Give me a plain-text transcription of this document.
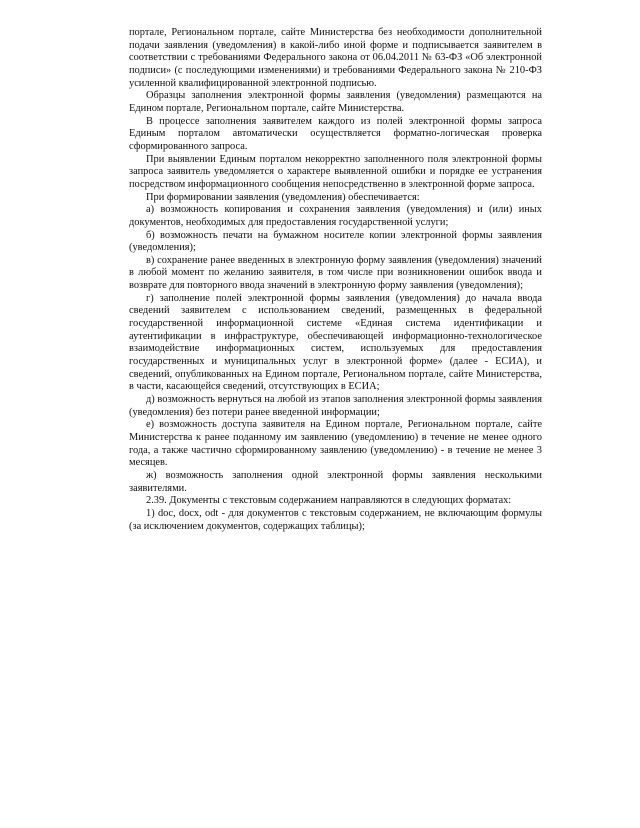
порталe, Региональном портале, сайте Министерства без необходимости дополнительной подачи заявления (уведомления) в какой-либо иной форме и подписывается заявителем в соответствии с требованиями Федерального закона от 06.04.2011 № 63-ФЗ «Об электронной подписи» (с последующими изменениями) и требованиями Федерального закона № 210-ФЗ усиленной квалифицированной электронной подписью.

Образцы заполнения электронной формы заявления (уведомления) размещаются на Едином портале, Региональном портале, сайте Министерства.

В процессе заполнения заявителем каждого из полей электронной формы запроса Единым порталом автоматически осуществляется форматно-логическая проверка сформированного запроса.

При выявлении Единым порталом некорректно заполненного поля электронной формы запроса заявитель уведомляется о характере выявленной ошибки и порядке ее устранения посредством информационного сообщения непосредственно в электронной форме запроса.

При формировании заявления (уведомления) обеспечивается:

а) возможность копирования и сохранения заявления (уведомления) и (или) иных документов, необходимых для предоставления государственной услуги;

б) возможность печати на бумажном носителе копии электронной формы заявления (уведомления);

в) сохранение ранее введенных в электронную форму заявления (уведомления) значений в любой момент по желанию заявителя, в том числе при возникновении ошибок ввода и возврате для повторного ввода значений в электронную форму заявления (уведомления);

г) заполнение полей электронной формы заявления (уведомления) до начала ввода сведений заявителем с использованием сведений, размещенных в федеральной государственной информационной системе «Единая система идентификации и аутентификации в инфраструктуре, обеспечивающей информационно-технологическое взаимодействие информационных систем, используемых для предоставления государственных и муниципальных услуг в электронной форме» (далее - ЕСИА), и сведений, опубликованных на Едином портале, Региональном портале, сайте Министерства, в части, касающейся сведений, отсутствующих в ЕСИА;

д) возможность вернуться на любой из этапов заполнения электронной формы заявления (уведомления) без потери ранее введенной информации;

е) возможность доступа заявителя на Едином портале, Региональном портале, сайте Министерства к ранее поданному им заявлению (уведомлению) в течение не менее одного года, а также частично сформированному заявлению (уведомлению) - в течение не менее 3 месяцев.

ж) возможность заполнения одной электронной формы заявления несколькими заявителями.

2.39. Документы с текстовым содержанием направляются в следующих форматах:

1) doc, docx, odt - для документов с текстовым содержанием, не включающим формулы (за исключением документов, содержащих таблицы);
